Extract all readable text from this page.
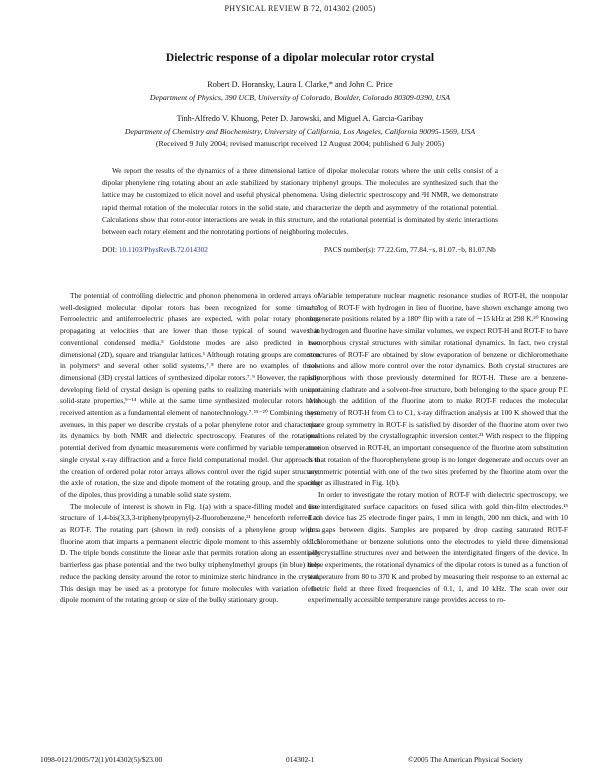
PHYSICAL REVIEW B 72, 014302 (2005)
Dielectric response of a dipolar molecular rotor crystal
Robert D. Horansky, Laura I. Clarke,* and John C. Price
Department of Physics, 390 UCB, University of Colorado, Boulder, Colorado 80309-0390, USA
Tinh-Alfredo V. Khuong, Peter D. Jarowski, and Miguel A. Garcia-Garibay
Department of Chemistry and Biochemistry, University of California, Los Angeles, California 90095-1569, USA
(Received 9 July 2004; revised manuscript received 12 August 2004; published 6 July 2005)

We report the results of the dynamics of a three dimensional lattice of dipolar molecular rotors where the unit cells consist of a dipolar phenylene ring rotating about an axle stabilized by stationary triphenyl groups. The molecules are synthesized such that the lattice may be customized to elicit novel and useful physical phenomena. Using dielectric spectroscopy and ²H NMR, we demonstrate rapid thermal rotation of the molecular rotors in the solid state, and characterize the depth and asymmetry of the rotational potential. Calculations show that rotor-rotor interactions are weak in this structure, and the rotational potential is dominated by steric interactions between each rotary element and the nonrotating portions of neighboring molecules.

DOI: 10.1103/PhysRevB.72.014302	PACS number(s): 77.22.Gm, 77.84.−s, 81.07.−b, 81.07.Nb

The potential of controlling dielectric and phonon phenomena in ordered arrays of well-designed molecular dipolar rotors has been recognized for some time.¹⁻⁵ Ferroelectric and antiferroelectric phases are expected, with polar rotary phonons propagating at velocities that are lower than those typical of sound waves in conventional condensed media.⁵ Goldstone modes are also predicted in two dimensional (2D), square and triangular lattices.¹ Although rotating groups are common in polymers⁶ and several other solid systems,⁷˒⁸ there are no examples of three-dimensional (3D) crystal lattices of synthesized dipolar rotors.⁷˒⁹ However, the rapidly developing field of crystal design is opening paths to realizing materials with unique solid-state properties,⁹⁻¹⁴ while at the same time synthesized molecular rotors have received attention as a fundamental element of nanotechnology.⁷˒¹⁵⁻²⁰ Combining these avenues, in this paper we describe crystals of a polar phenylene rotor and characterize its dynamics by both NMR and dielectric spectroscopy. Features of the rotational potential derived from dynamic measurements were confirmed by variable temperature single crystal x-ray diffraction and a force field computational model. Our approach to the creation of ordered polar rotor arrays allows control over the rigid super structure, the axle of rotation, the size and dipole moment of the rotating group, and the spacing of the dipoles, thus providing a tunable solid state system.

The molecule of interest is shown in Fig. 1(a) with a space-filling model and line structure of 1,4-bis(3,3,3-triphenylpropynyl)-2-fluorobenzene,²¹ henceforth referred to as ROT-F. The rotating part (shown in red) consists of a phenylene group with a fluorine atom that imparts a permanent electric dipole moment to this assembly of 1.5 D. The triple bonds constitute the linear axle that permits rotation along an essentially barrierless gas phase potential and the two bulky triphenylmethyl groups (in blue) help reduce the packing density around the rotor to minimize steric hindrance in the crystal. This design may be used as a prototype for future molecules with variation of the dipole moment of the rotating group or size of the bulky stationary group.

Variable temperature nuclear magnetic resonance studies of ROT-H, the nonpolar analog of ROT-F with hydrogen in lieu of fluorine, have shown exchange among two degenerate positions related by a 180° flip with a rate of ∼15 kHz at 298 K.²⁰ Knowing that hydrogen and fluorine have similar volumes, we expect ROT-H and ROT-F to have isomorphous crystal structures with similar rotational dynamics. In fact, two crystal structures of ROT-F are obtained by slow evaporation of benzene or dichloromethane solutions and allow more control over the rotor dynamics. Both crystal structures are isomorphous with those previously determined for ROT-H. These are a benzene-containing clathrate and a solvent-free structure, both belonging to the space group P1̄. Although the addition of the fluorine atom to make ROT-F reduces the molecular symmetry of ROT-H from Ci to C1, x-ray diffraction analysis at 100 K showed that the space group symmetry in ROT-F is satisfied by disorder of the fluorine atom over two positions related by the crystallographic inversion center.²¹ With respect to the flipping motion observed in ROT-H, an important consequence of the fluorine atom substitution is that rotation of the fluorophenylene group is no longer degenerate and occurs over an asymmetric potential with one of the two sites preferred by the fluorine atom over the other as illustrated in Fig. 1(b).

In order to investigate the rotary motion of ROT-F with dielectric spectroscopy, we use interdigitated surface capacitors on fused silica with gold thin-film electrodes.¹⁵ Each device has 25 electrode finger pairs, 1 mm in length, 200 nm thick, and with 10 μm gaps between digits. Samples are prepared by drop casting saturated ROT-F dichloromethane or benzene solutions onto the electrodes to yield three dimensional polycrystalline structures over and between the interdigitated fingers of the device. In these experiments, the rotational dynamics of the dipolar rotors is tuned as a function of temperature from 80 to 370 K and probed by measuring their response to an external ac electric field at three fixed frequencies of 0.1, 1, and 10 kHz. The scan over our experimentally accessible temperature range provides access to ro-

1098-0121/2005/72(1)/014302(5)/$23.00	014302-1	©2005 The American Physical Society
